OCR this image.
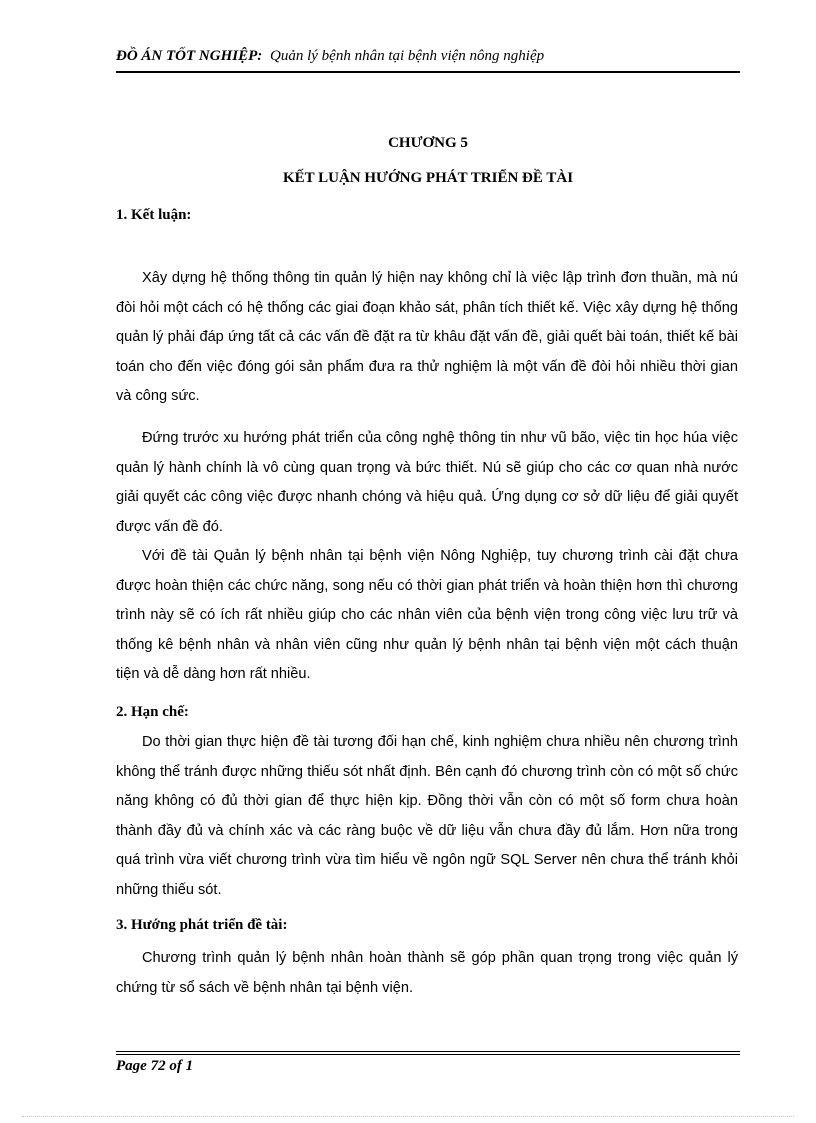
ĐỒ ÁN TỐT NGHIỆP: Quản lý bệnh nhân tại bệnh viện nông nghiệp
CHƯƠNG 5
KẾT LUẬN HƯỚNG PHÁT TRIỂN ĐỀ TÀI
1. Kết luận:

Xây dựng hệ thống thông tin quản lý hiện nay không chỉ là việc lập trình đơn thuần, mà nú đòi hỏi một cách có hệ thống các giai đoạn khảo sát, phân tích thiết kế. Việc xây dựng hệ thống quản lý phải đáp ứng tất cả các vấn đề đặt ra từ khâu đặt vấn đề, giải quết bài toán, thiết kế bài toán cho đến việc đóng gói sản phẩm đưa ra thử nghiệm là một vấn đề đòi hỏi nhiều thời gian và công sức.

Đứng trước xu hướng phát triển của công nghệ thông tin như vũ bão, việc tin học húa việc quản lý hành chính là vô cùng quan trọng và bức thiết. Nú sẽ giúp cho các cơ quan nhà nước giải quyết các công việc được nhanh chóng và hiệu quả. Ứng dụng cơ sở dữ liệu để giải quyết được vấn đề đó.

Với đề tài Quản lý bệnh nhân tại bệnh viện Nông Nghiệp, tuy chương trình cài đặt chưa được hoàn thiện các chức năng, song nếu có thời gian phát triển và hoàn thiện hơn thì chương trình này sẽ có ích rất nhiều giúp cho các nhân viên của bệnh viện trong công việc lưu trữ và thống kê bệnh nhân và nhân viên cũng như quản lý bệnh nhân tại bệnh viện một cách thuận tiện và dễ dàng hơn rất nhiều.

2. Hạn chế:

Do thời gian thực hiện đề tài tương đối hạn chế, kinh nghiệm chưa nhiều nên chương trình không thể tránh được những thiếu sót nhất định. Bên cạnh đó chương trình còn có một số chức năng không có đủ thời gian để thực hiện kịp. Đồng thời vẫn còn có một số form chưa hoàn thành đầy đủ và chính xác và các ràng buộc về dữ liệu vẫn chưa đầy đủ lắm. Hơn nữa trong quá trình vừa viết chương trình vừa tìm hiểu về ngôn ngữ SQL Server nên chưa thể tránh khỏi những thiếu sót.

3. Hướng phát triển đề tài:

Chương trình quản lý bệnh nhân hoàn thành sẽ góp phần quan trọng trong việc quản lý chứng từ sổ sách về bệnh nhân tại bệnh viện.

Page 72 of 1
